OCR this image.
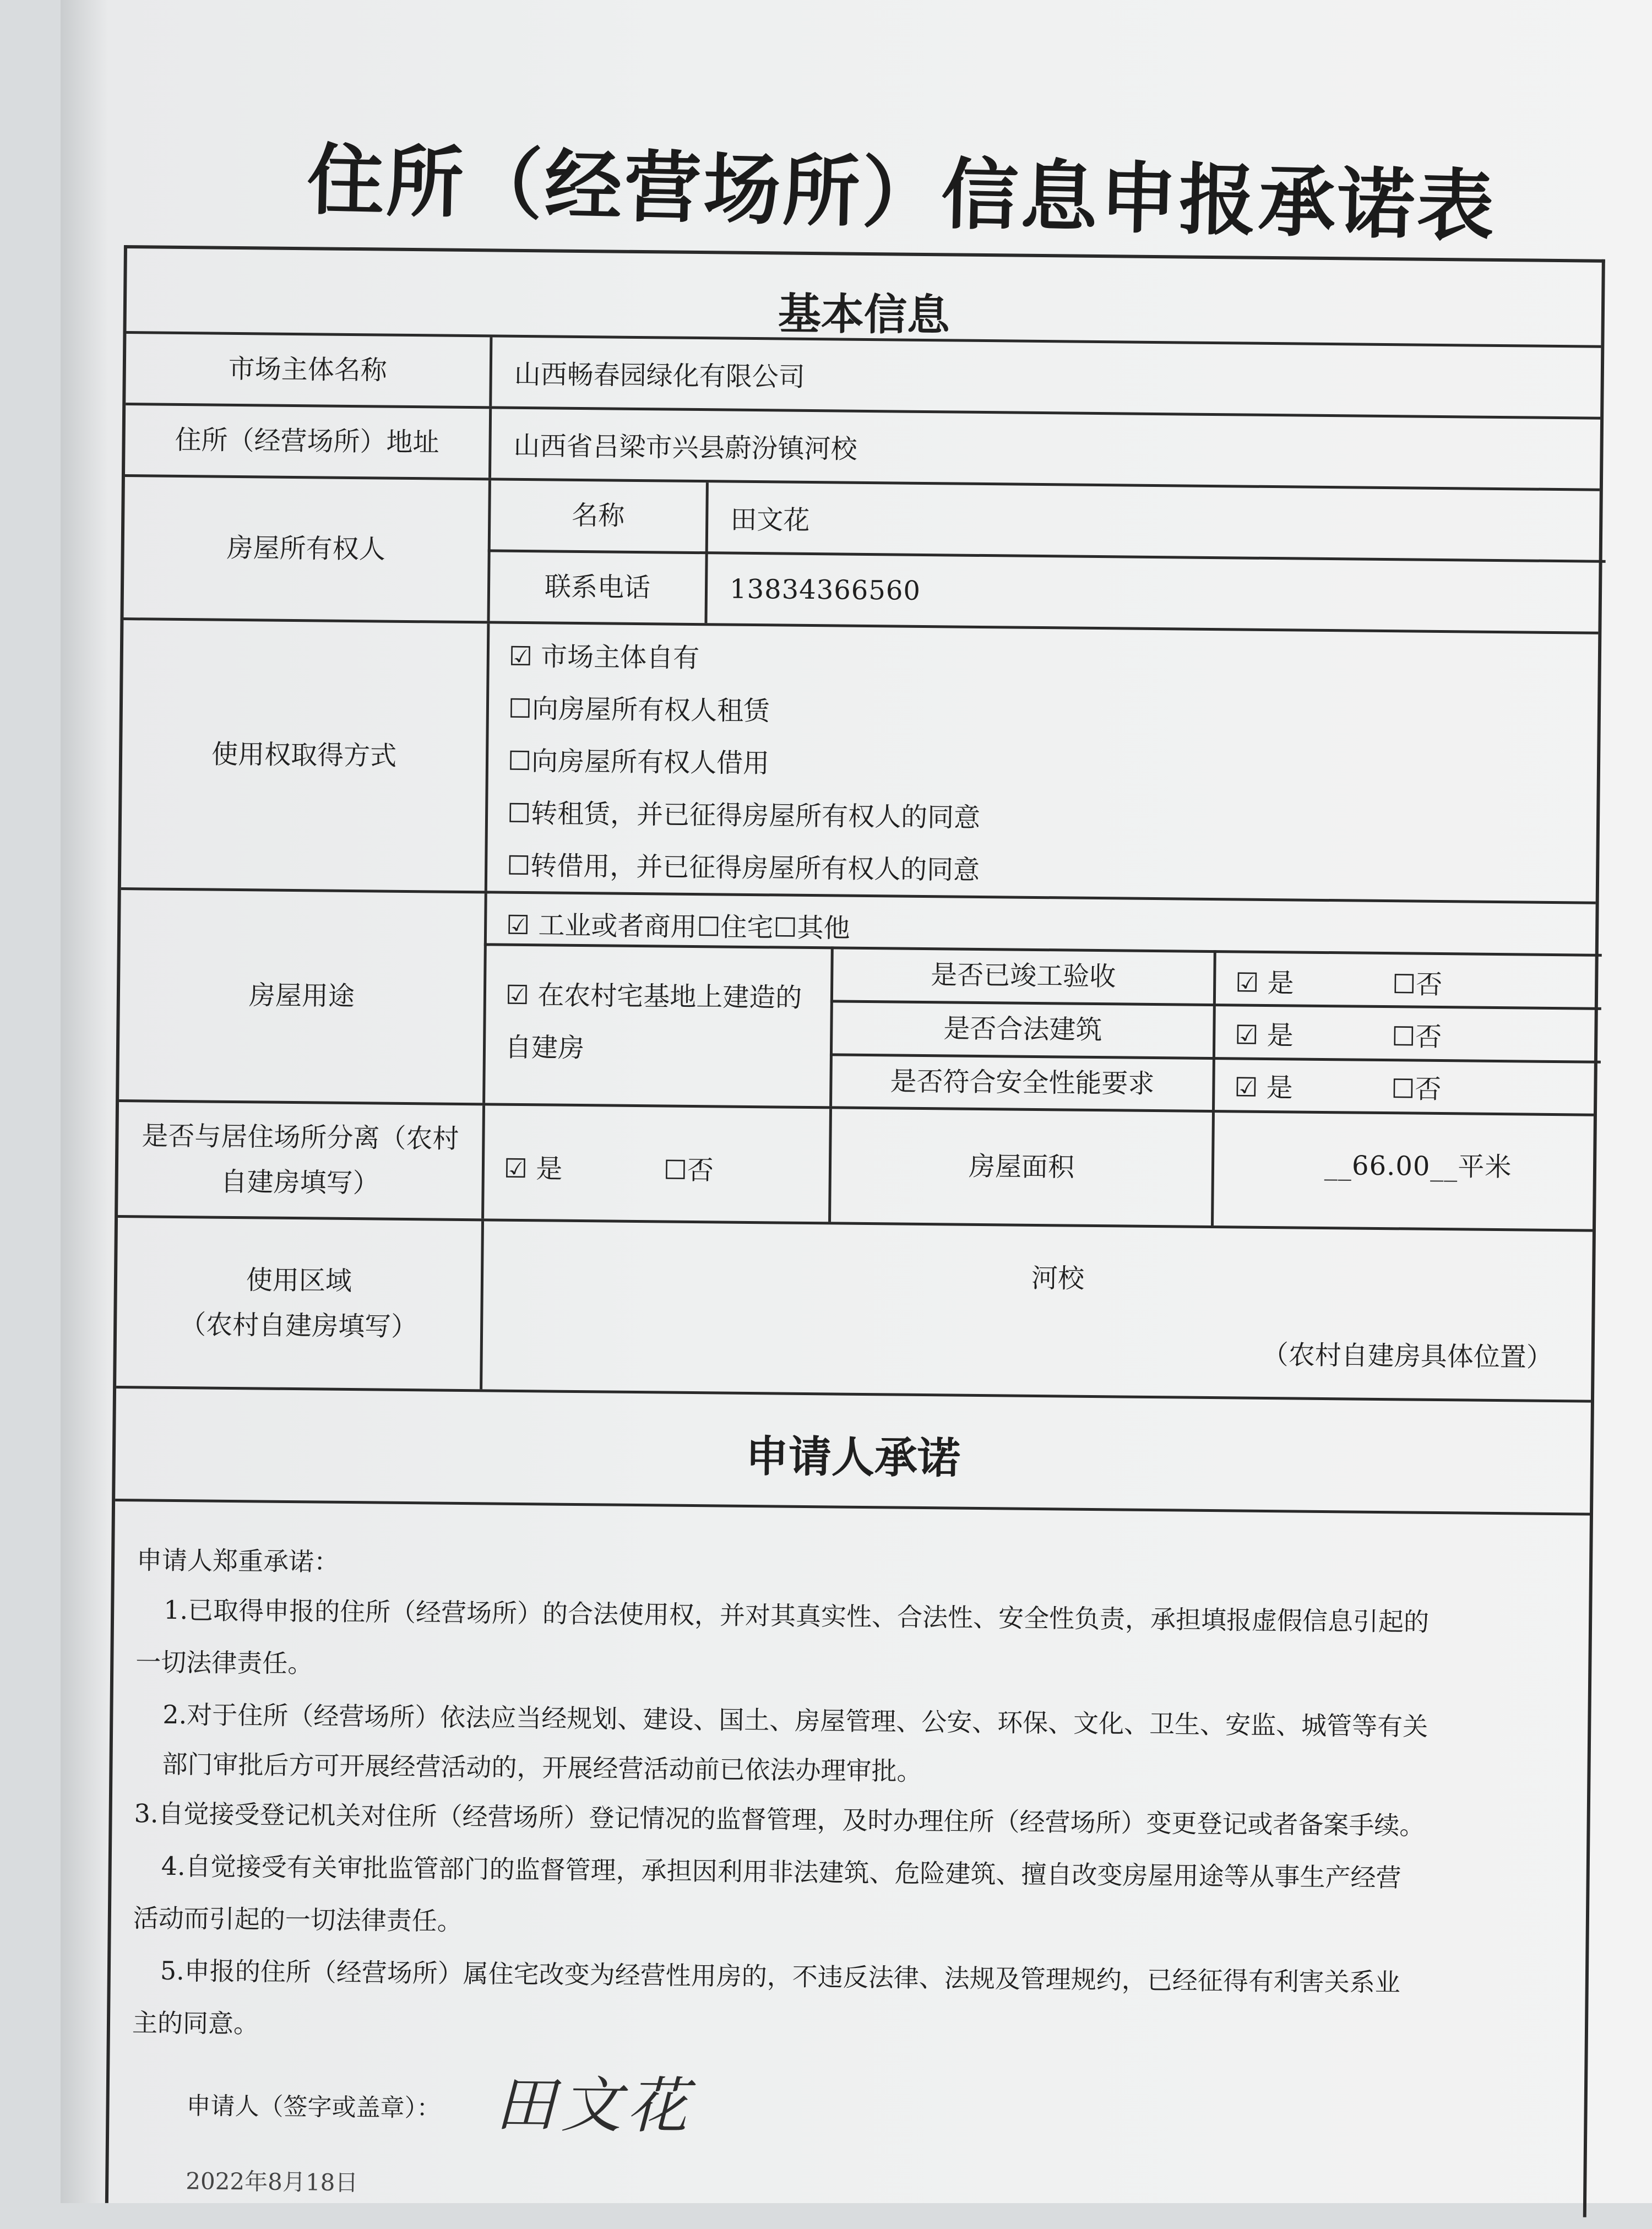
住所（经营场所）信息申报承诺表
基本信息
市场主体名称	山西畅春园绿化有限公司
住所（经营场所）地址	山西省吕梁市兴县蔚汾镇河校
房屋所有权人
名称	田文花
联系电话	13834366560
使用权取得方式
☑ 市场主体自有
☐向房屋所有权人租赁
☐向房屋所有权人借用
☐转租赁，并已征得房屋所有权人的同意
☐转借用，并已征得房屋所有权人的同意
房屋用途
☑ 工业或者商用☐住宅☐其他
☑ 在农村宅基地上建造的
自建房
是否已竣工验收	☑ 是	☐否
是否合法建筑	☑ 是	☐否
是否符合安全性能要求	☑ 是	☐否
是否与居住场所分离（农村
自建房填写）	☑ 是	☐否	房屋面积	__66.00__平米
使用区域
（农村自建房填写）
河校
（农村自建房具体位置）
申请人承诺
申请人郑重承诺：
1.已取得申报的住所（经营场所）的合法使用权，并对其真实性、合法性、安全性负责，承担填报虚假信息引起的
一切法律责任。
2.对于住所（经营场所）依法应当经规划、建设、国土、房屋管理、公安、环保、文化、卫生、安监、城管等有关
部门审批后方可开展经营活动的，开展经营活动前已依法办理审批。
3.自觉接受登记机关对住所（经营场所）登记情况的监督管理，及时办理住所（经营场所）变更登记或者备案手续。
4.自觉接受有关审批监管部门的监督管理，承担因利用非法建筑、危险建筑、擅自改变房屋用途等从事生产经营
活动而引起的一切法律责任。
5.申报的住所（经营场所）属住宅改变为经营性用房的，不违反法律、法规及管理规约，已经征得有利害关系业
主的同意。
申请人（签字或盖章）： 田文花
2022年8月18日
